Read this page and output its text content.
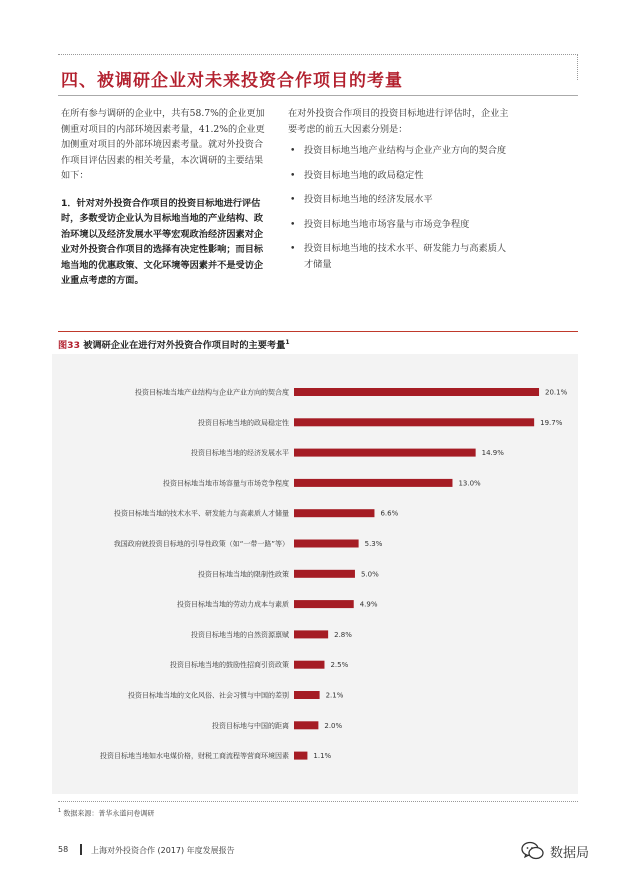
四、被调研企业对未来投资合作项目的考量
在所有参与调研的企业中，共有58.7%的企业更加侧重对项目的内部环境因素考量，41.2%的企业更加侧重对项目的外部环境因素考量。就对外投资合作项目评估因素的相关考量，本次调研的主要结果如下：
1．针对对外投资合作项目的投资目标地进行评估时，多数受访企业认为目标地当地的产业结构、政治环境以及经济发展水平等宏观政治经济因素对企业对外投资合作项目的选择有决定性影响；而目标地当地的优惠政策、文化环境等因素并不是受访企业重点考虑的方面。
在对外投资合作项目的投资目标地进行评估时，企业主要考虑的前五大因素分别是：
• 投资目标地当地产业结构与企业产业方向的契合度
• 投资目标地当地的政局稳定性
• 投资目标地当地的经济发展水平
• 投资目标地当地市场容量与市场竞争程度
• 投资目标地当地的技术水平、研发能力与高素质人才储量
图33 被调研企业在进行对外投资合作项目时的主要考量$^1$
投资目标地当地产业结构与企业产业方向的契合度	20.1%
投资目标地当地的政局稳定性	19.7%
投资目标地当地的经济发展水平	14.9%
投资目标地当地市场容量与市场竞争程度	13.0%
投资目标地当地的技术水平、研发能力与高素质人才储量	6.6%
我国政府就投资目标地的引导性政策（如“一带一路”等）	5.3%
投资目标地当地的限制性政策	5.0%
投资目标地当地的劳动力成本与素质	4.9%
投资目标地当地的自然资源禀赋	2.8%
投资目标地当地的鼓励性招商引资政策	2.5%
投资目标地当地的文化风俗、社会习惯与中国的差别	2.1%
投资目标地与中国的距离	2.0%
投资目标地当地如水电煤价格，财税工商流程等营商环境因素	1.1%
$^1$ 数据来源：普华永道问卷调研
58	上海对外投资合作 (2017) 年度发展报告	数据局
